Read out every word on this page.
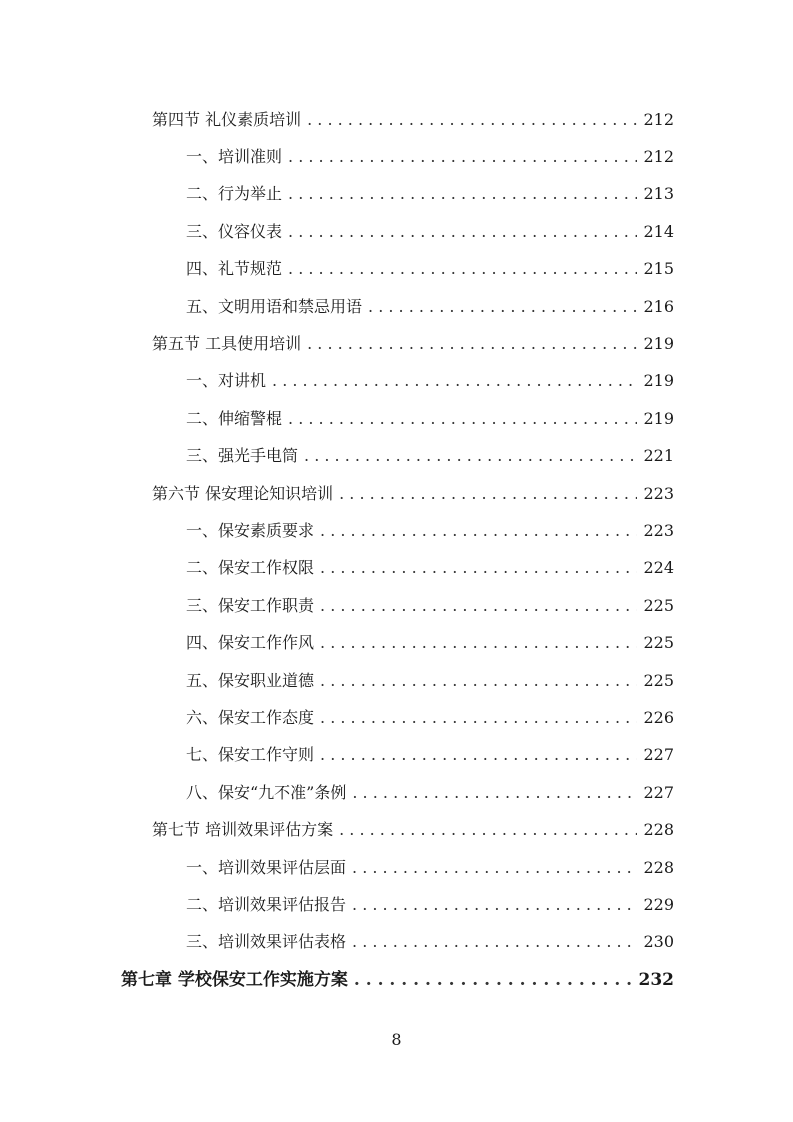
第四节 礼仪素质培训 . . .	212
一、培训准则 . . .	212
二、行为举止 . . .	213
三、仪容仪表 . . .	214
四、礼节规范 . . .	215
五、文明用语和禁忌用语 . . .	216
第五节 工具使用培训 . . .	219
一、对讲机 . . .	219
二、伸缩警棍 . . .	219
三、强光手电筒 . . .	221
第六节 保安理论知识培训 . . .	223
一、保安素质要求 . . .	223
二、保安工作权限 . . .	224
三、保安工作职责 . . .	225
四、保安工作作风 . . .	225
五、保安职业道德 . . .	225
六、保安工作态度 . . .	226
七、保安工作守则 . . .	227
八、保安“九不准”条例 . . .	227
第七节 培训效果评估方案 . . .	228
一、培训效果评估层面 . . .	228
二、培训效果评估报告 . . .	229
三、培训效果评估表格 . . .	230
第七章 学校保安工作实施方案 . . .	232
8
